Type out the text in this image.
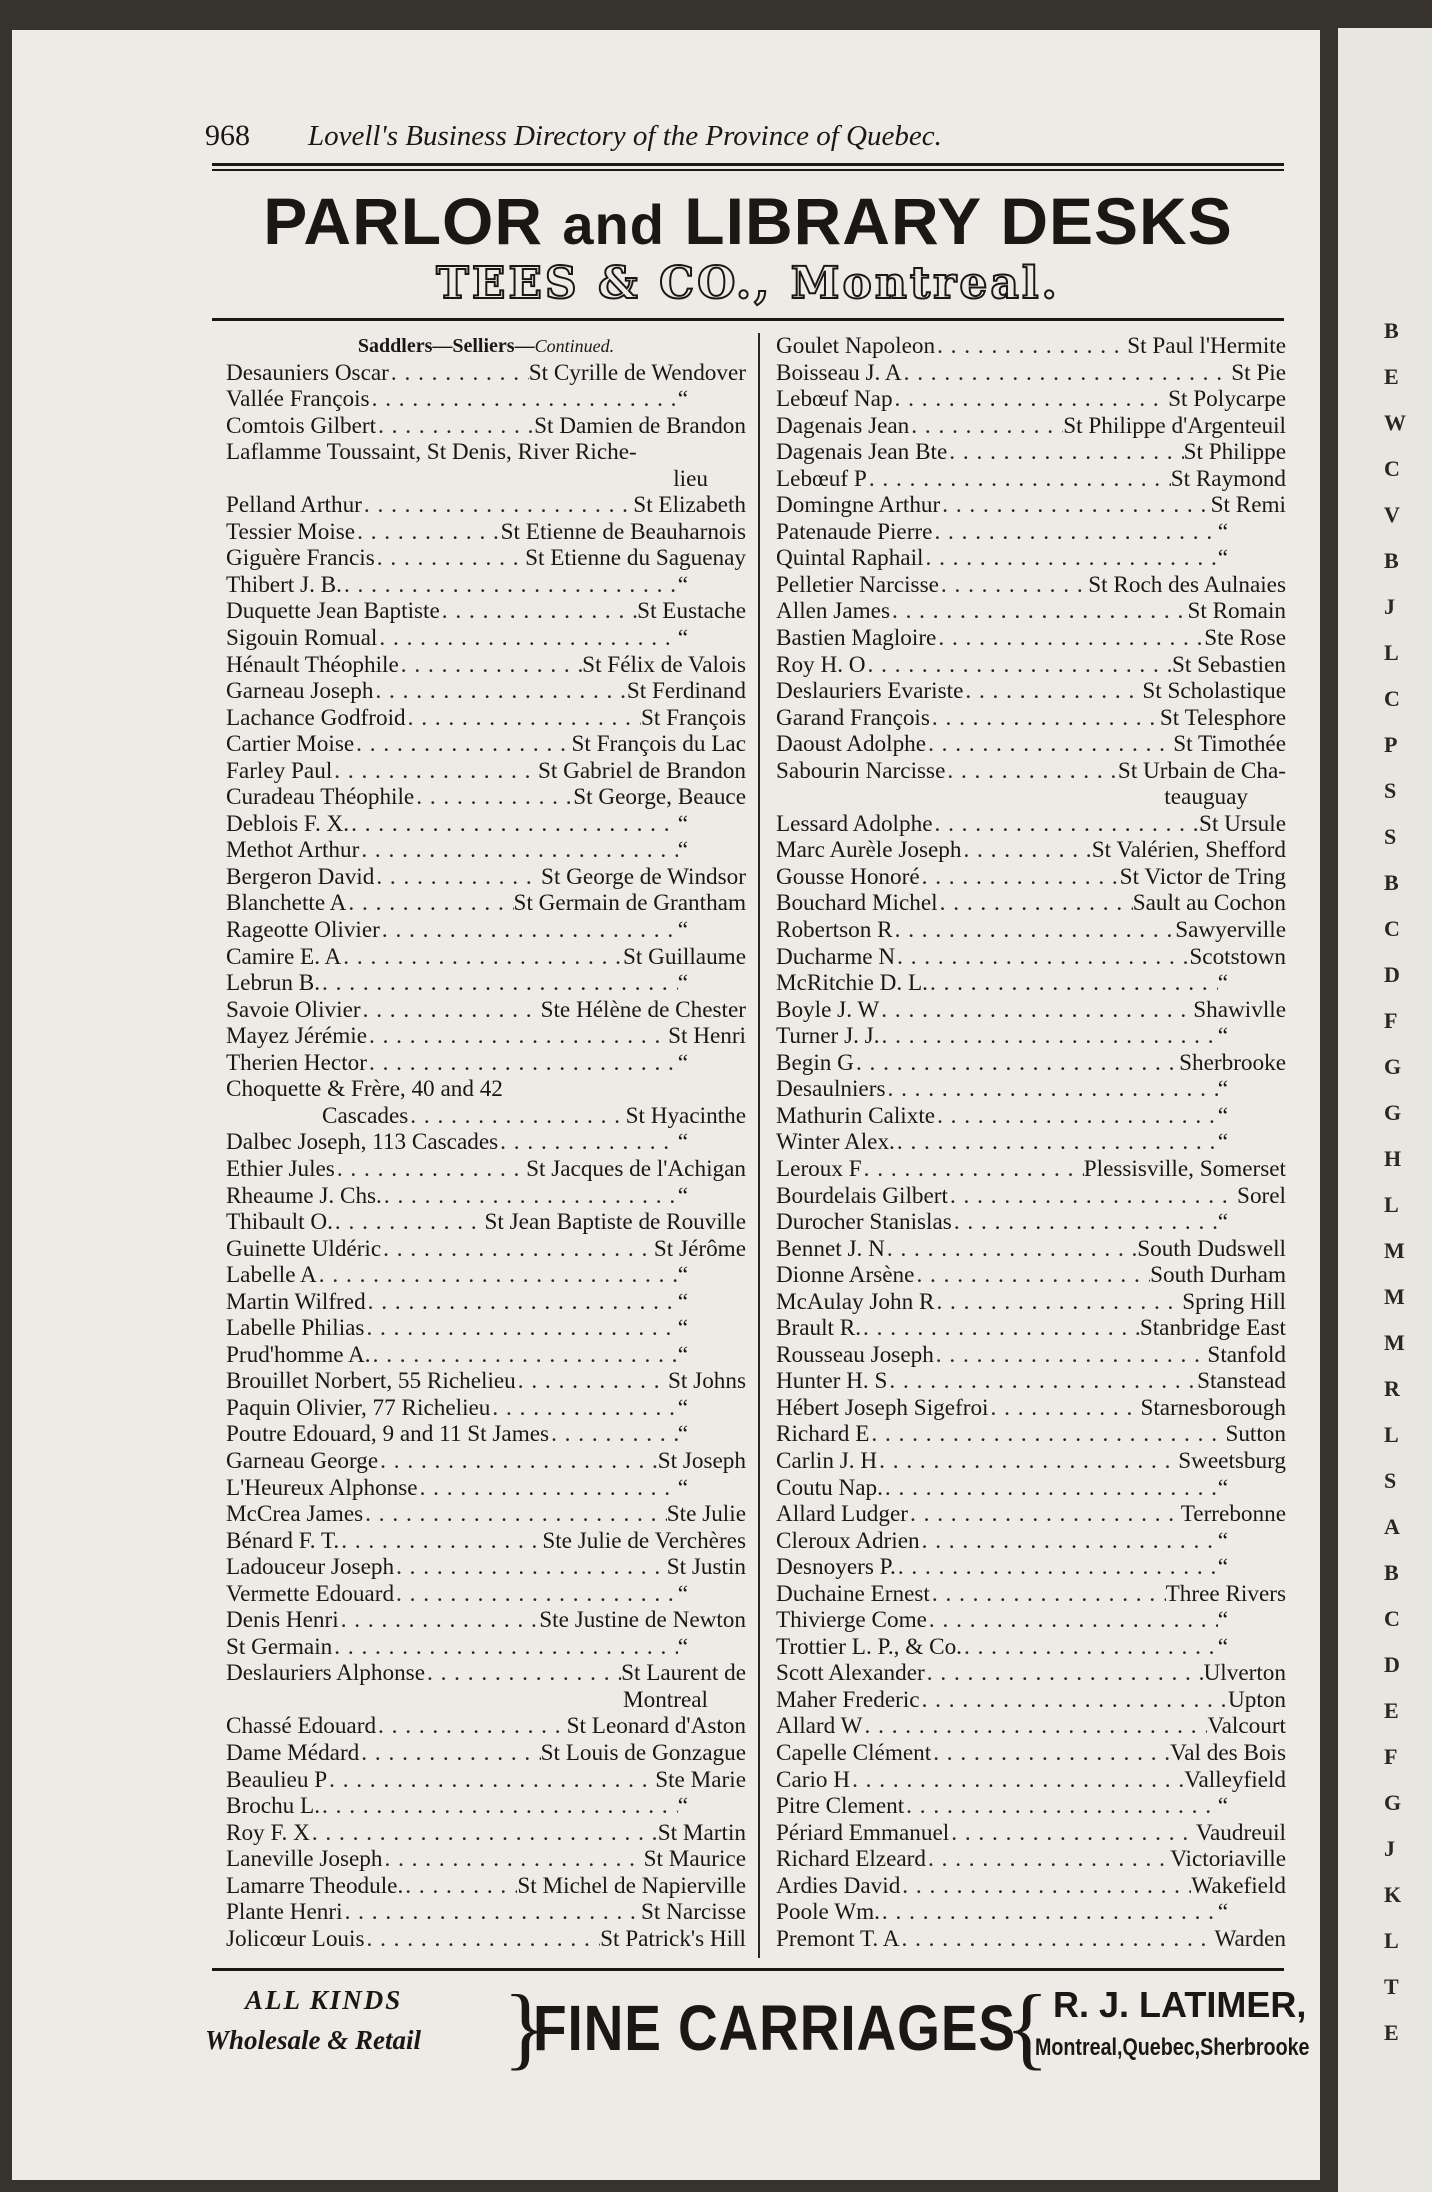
B
E
W
C
V
B
J
L
C
P
S
S
B
C
D
F
G
G
H
L
M
M
M
R
L
S
A
B
C
D
E
F
G
J
K
L
T
E
968 Lovell's Business Directory of the Province of Quebec.
PARLOR and LIBRARY DESKS
TEES & CO., Montreal.
Saddlers—Selliers—Continued.
Desauniers Oscar . . .	St Cyrille de Wendover
Vallée François . . .	“
Comtois Gilbert . . .	St Damien de Brandon
Laflamme Toussaint, St Denis, River Riche-
lieu
Pelland Arthur . . .	St Elizabeth
Tessier Moise . . .	St Etienne de Beauharnois
Giguère Francis . . .	St Etienne du Saguenay
Thibert J. B. . . .	“
Duquette Jean Baptiste . . .	St Eustache
Sigouin Romual . . .	“
Hénault Théophile . . .	St Félix de Valois
Garneau Joseph . . .	St Ferdinand
Lachance Godfroid . . .	St François
Cartier Moise . . .	St François du Lac
Farley Paul . . .	St Gabriel de Brandon
Curadeau Théophile . . .	St George, Beauce
Deblois F. X. . . .	“
Methot Arthur . . .	“
Bergeron David . . .	St George de Windsor
Blanchette A . . .	St Germain de Grantham
Rageotte Olivier . . .	“
Camire E. A . . .	St Guillaume
Lebrun B. . . .	“
Savoie Olivier . . .	Ste Hélène de Chester
Mayez Jérémie . . .	St Henri
Therien Hector . . .	“
Choquette & Frère, 40 and 42
Cascades . . .	St Hyacinthe
Dalbec Joseph, 113 Cascades . . .	“
Ethier Jules . . .	St Jacques de l'Achigan
Rheaume J. Chs. . . .	“
Thibault O. . . .	St Jean Baptiste de Rouville
Guinette Uldéric . . .	St Jérôme
Labelle A . . .	“
Martin Wilfred . . .	“
Labelle Philias . . .	“
Prud'homme A. . . .	“
Brouillet Norbert, 55 Richelieu . . .	St Johns
Paquin Olivier, 77 Richelieu . . .	“
Poutre Edouard, 9 and 11 St James . . .	“
Garneau George . . .	St Joseph
L'Heureux Alphonse . . .	“
McCrea James . . .	Ste Julie
Bénard F. T. . . .	Ste Julie de Verchères
Ladouceur Joseph . . .	St Justin
Vermette Edouard . . .	“
Denis Henri . . .	Ste Justine de Newton
St Germain . . .	“
Deslauriers Alphonse . . .	St Laurent de
Montreal
Chassé Edouard . . .	St Leonard d'Aston
Dame Médard . . .	St Louis de Gonzague
Beaulieu P . . .	Ste Marie
Brochu L. . . .	“
Roy F. X . . .	St Martin
Laneville Joseph . . .	St Maurice
Lamarre Theodule. . . .	St Michel de Napierville
Plante Henri . . .	St Narcisse
Jolicœur Louis . . .	St Patrick's Hill
Goulet Napoleon . . .	St Paul l'Hermite
Boisseau J. A . . .	St Pie
Lebœuf Nap . . .	St Polycarpe
Dagenais Jean . . .	St Philippe d'Argenteuil
Dagenais Jean Bte . . .	St Philippe
Lebœuf P . . .	St Raymond
Domingne Arthur . . .	St Remi
Patenaude Pierre . . .	“
Quintal Raphail . . .	“
Pelletier Narcisse . . .	St Roch des Aulnaies
Allen James . . .	St Romain
Bastien Magloire . . .	Ste Rose
Roy H. O . . .	St Sebastien
Deslauriers Evariste . . .	St Scholastique
Garand François . . .	St Telesphore
Daoust Adolphe . . .	St Timothée
Sabourin Narcisse . . .	St Urbain de Cha-
teauguay
Lessard Adolphe . . .	St Ursule
Marc Aurèle Joseph . . .	St Valérien, Shefford
Gousse Honoré . . .	St Victor de Tring
Bouchard Michel . . .	Sault au Cochon
Robertson R . . .	Sawyerville
Ducharme N . . .	Scotstown
McRitchie D. L. . . .	“
Boyle J. W . . .	Shawivlle
Turner J. J. . . .	“
Begin G . . .	Sherbrooke
Desaulniers . . .	“
Mathurin Calixte . . .	“
Winter Alex. . . .	“
Leroux F . . .	Plessisville, Somerset
Bourdelais Gilbert . . .	Sorel
Durocher Stanislas . . .	“
Bennet J. N . . .	South Dudswell
Dionne Arsène . . .	South Durham
McAulay John R . . .	Spring Hill
Brault R. . . .	Stanbridge East
Rousseau Joseph . . .	Stanfold
Hunter H. S . . .	Stanstead
Hébert Joseph Sigefroi . . .	Starnesborough
Richard E . . .	Sutton
Carlin J. H . . .	Sweetsburg
Coutu Nap. . . .	“
Allard Ludger . . .	Terrebonne
Cleroux Adrien . . .	“
Desnoyers P. . . .	“
Duchaine Ernest . . .	Three Rivers
Thivierge Come . . .	“
Trottier L. P., & Co. . . .	“
Scott Alexander . . .	Ulverton
Maher Frederic . . .	Upton
Allard W . . .	Valcourt
Capelle Clément . . .	Val des Bois
Cario H . . .	Valleyfield
Pitre Clement . . .	“
Périard Emmanuel . . .	Vaudreuil
Richard Elzeard . . .	Victoriaville
Ardies David . . .	Wakefield
Poole Wm. . . .	“
Premont T. A . . .	Warden
ALL KINDS
Wholesale & Retail }
FINE CARRIAGES
{ R. J. LATIMER,
Montreal,Quebec,Sherbrooke
